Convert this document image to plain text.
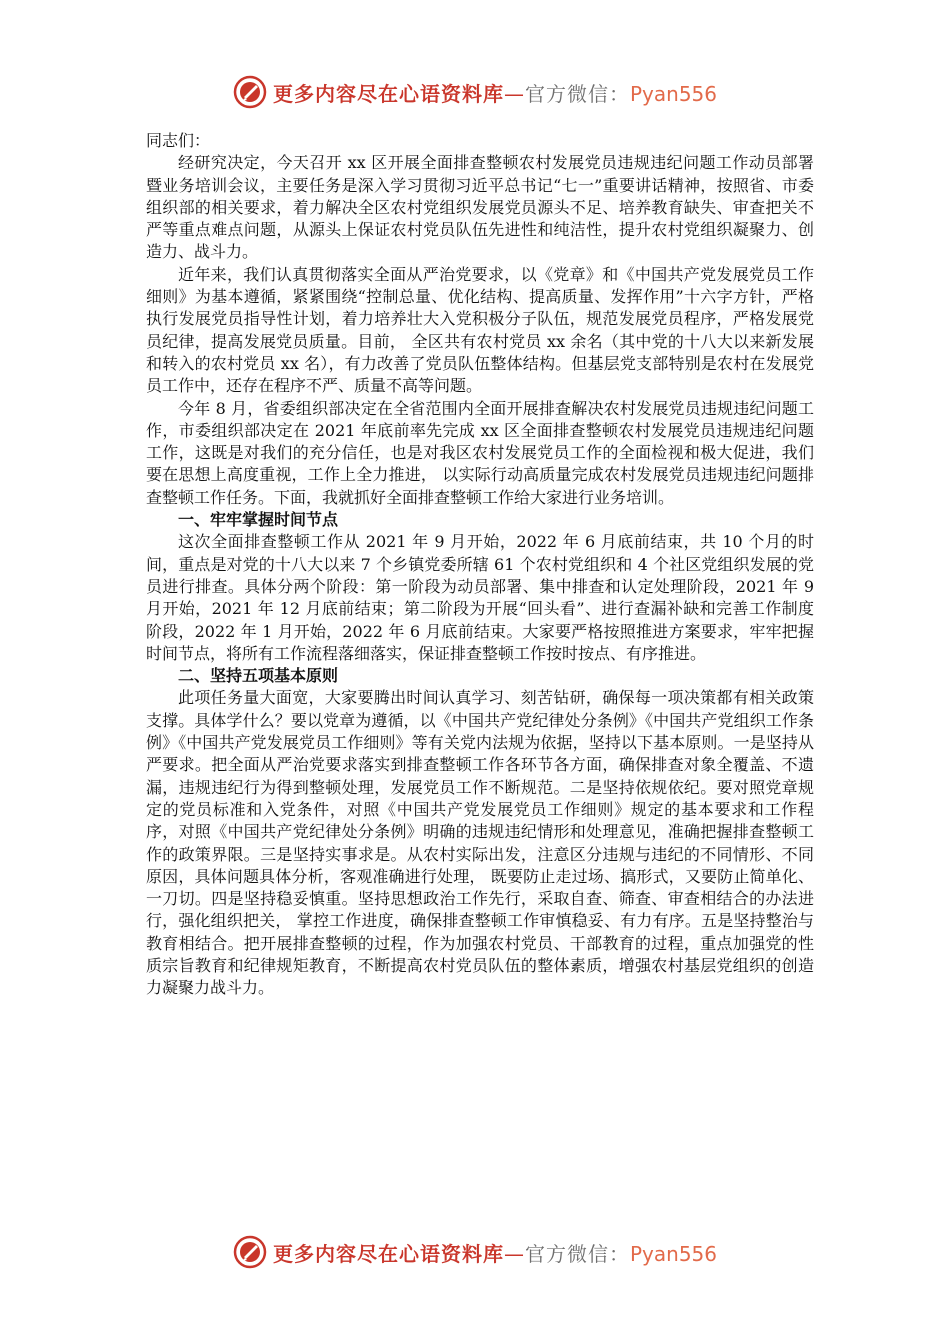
更多内容尽在心语资料库—官方微信：Pyan556

同志们：

经研究决定，今天召开 xx 区开展全面排查整顿农村发展党员违规违纪问题工作动员部署暨业务培训会议，主要任务是深入学习贯彻习近平总书记“七一”重要讲话精神，按照省、市委组织部的相关要求，着力解决全区农村党组织发展党员源头不足、培养教育缺失、审查把关不严等重点难点问题，从源头上保证农村党员队伍先进性和纯洁性，提升农村党组织凝聚力、创造力、战斗力。

近年来，我们认真贯彻落实全面从严治党要求，以《党章》和《中国共产党发展党员工作细则》为基本遵循，紧紧围绕“控制总量、优化结构、提高质量、发挥作用”十六字方针，严格执行发展党员指导性计划，着力培养壮大入党积极分子队伍，规范发展党员程序，严格发展党员纪律，提高发展党员质量。目前， 全区共有农村党员 xx 余名（其中党的十八大以来新发展和转入的农村党员 xx 名），有力改善了党员队伍整体结构。但基层党支部特别是农村在发展党员工作中，还存在程序不严、质量不高等问题。

今年 8 月，省委组织部决定在全省范围内全面开展排查解决农村发展党员违规违纪问题工作，市委组织部决定在 2021 年底前率先完成 xx 区全面排查整顿农村发展党员违规违纪问题工作，这既是对我们的充分信任，也是对我区农村发展党员工作的全面检视和极大促进，我们要在思想上高度重视，工作上全力推进， 以实际行动高质量完成农村发展党员违规违纪问题排查整顿工作任务。下面，我就抓好全面排查整顿工作给大家进行业务培训。

一、牢牢掌握时间节点

这次全面排查整顿工作从 2021 年 9 月开始，2022 年 6 月底前结束，共 10 个月的时间，重点是对党的十八大以来 7 个乡镇党委所辖 61 个农村党组织和 4 个社区党组织发展的党员进行排查。具体分两个阶段：第一阶段为动员部署、集中排查和认定处理阶段，2021 年 9 月开始，2021 年 12 月底前结束；第二阶段为开展“回头看”、进行查漏补缺和完善工作制度阶段，2022 年 1 月开始，2022 年 6 月底前结束。大家要严格按照推进方案要求，牢牢把握时间节点，将所有工作流程落细落实，保证排查整顿工作按时按点、有序推进。

二、坚持五项基本原则

此项任务量大面宽，大家要腾出时间认真学习、刻苦钻研，确保每一项决策都有相关政策支撑。具体学什么？要以党章为遵循，以《中国共产党纪律处分条例》《中国共产党组织工作条例》《中国共产党发展党员工作细则》等有关党内法规为依据，坚持以下基本原则。一是坚持从严要求。把全面从严治党要求落实到排查整顿工作各环节各方面，确保排查对象全覆盖、不遗漏，违规违纪行为得到整顿处理，发展党员工作不断规范。二是坚持依规依纪。要对照党章规定的党员标准和入党条件，对照《中国共产党发展党员工作细则》规定的基本要求和工作程序，对照《中国共产党纪律处分条例》明确的违规违纪情形和处理意见，准确把握排查整顿工作的政策界限。三是坚持实事求是。从农村实际出发，注意区分违规与违纪的不同情形、不同原因，具体问题具体分析，客观准确进行处理， 既要防止走过场、搞形式，又要防止简单化、一刀切。四是坚持稳妥慎重。坚持思想政治工作先行，采取自查、筛查、审查相结合的办法进行，强化组织把关， 掌控工作进度，确保排查整顿工作审慎稳妥、有力有序。五是坚持整治与教育相结合。把开展排查整顿的过程，作为加强农村党员、干部教育的过程，重点加强党的性质宗旨教育和纪律规矩教育，不断提高农村党员队伍的整体素质，增强农村基层党组织的创造力凝聚力战斗力。

更多内容尽在心语资料库—官方微信：Pyan556
